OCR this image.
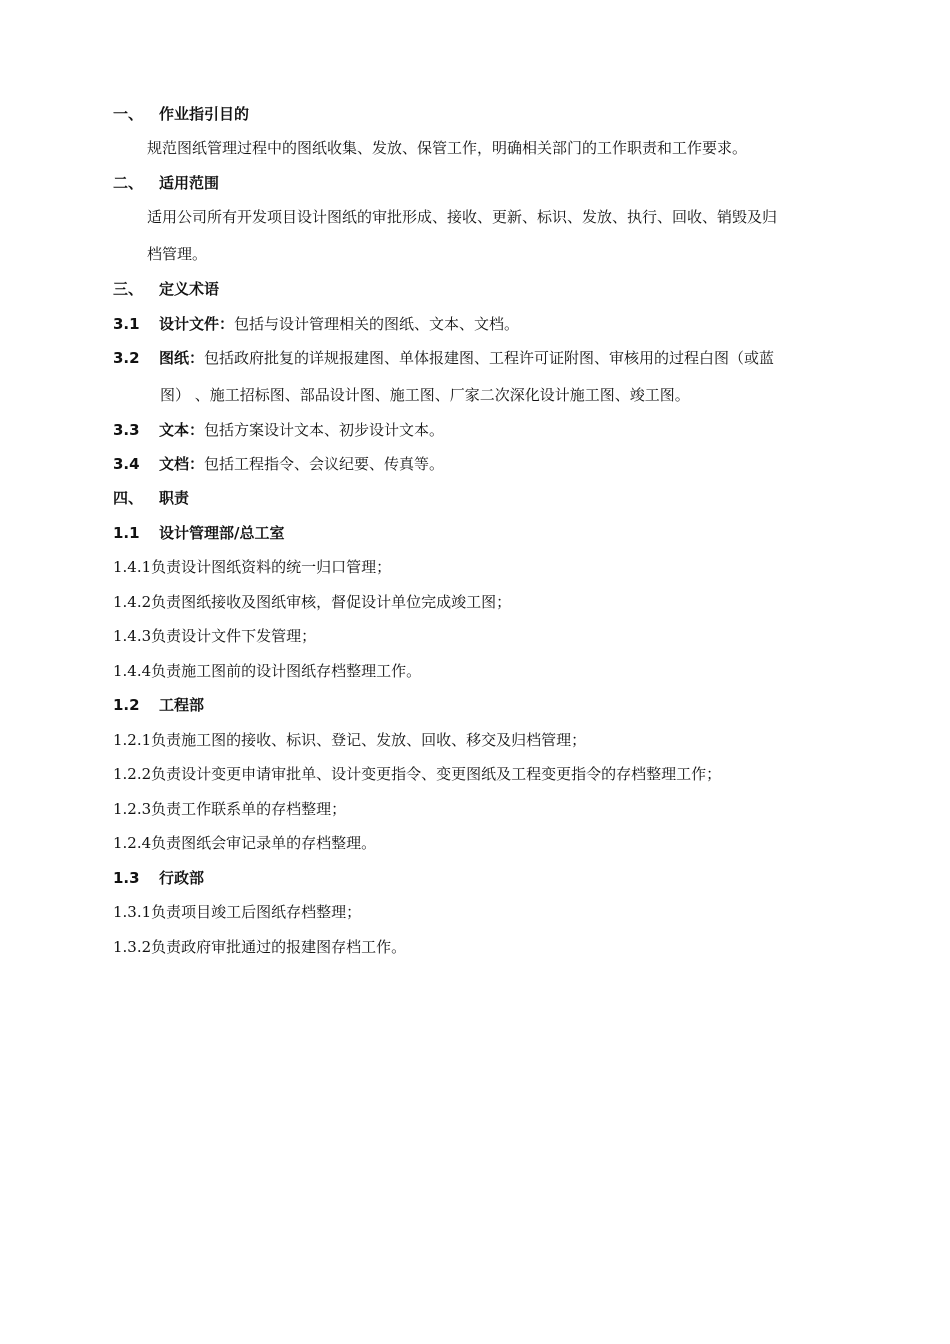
一、 作业指引目的
规范图纸管理过程中的图纸收集、发放、保管工作，明确相关部门的工作职责和工作要求。
二、 适用范围
适用公司所有开发项目设计图纸的审批形成、接收、更新、标识、发放、执行、回收、销毁及归
档管理。
三、 定义术语
3.1 设计文件：包括与设计管理相关的图纸、文本、文档。
3.2 图纸：包括政府批复的详规报建图、单体报建图、工程许可证附图、审核用的过程白图（或蓝
图） 、施工招标图、部品设计图、施工图、厂家二次深化设计施工图、竣工图。
3.3 文本：包括方案设计文本、初步设计文本。
3.4 文档：包括工程指令、会议纪要、传真等。
四、 职责
1.1 设计管理部/总工室
1.4.1负责设计图纸资料的统一归口管理；
1.4.2负责图纸接收及图纸审核，督促设计单位完成竣工图；
1.4.3负责设计文件下发管理；
1.4.4负责施工图前的设计图纸存档整理工作。
1.2 工程部
1.2.1负责施工图的接收、标识、登记、发放、回收、移交及归档管理；
1.2.2负责设计变更申请审批单、设计变更指令、变更图纸及工程变更指令的存档整理工作；
1.2.3负责工作联系单的存档整理；
1.2.4负责图纸会审记录单的存档整理。
1.3 行政部
1.3.1负责项目竣工后图纸存档整理；
1.3.2负责政府审批通过的报建图存档工作。
